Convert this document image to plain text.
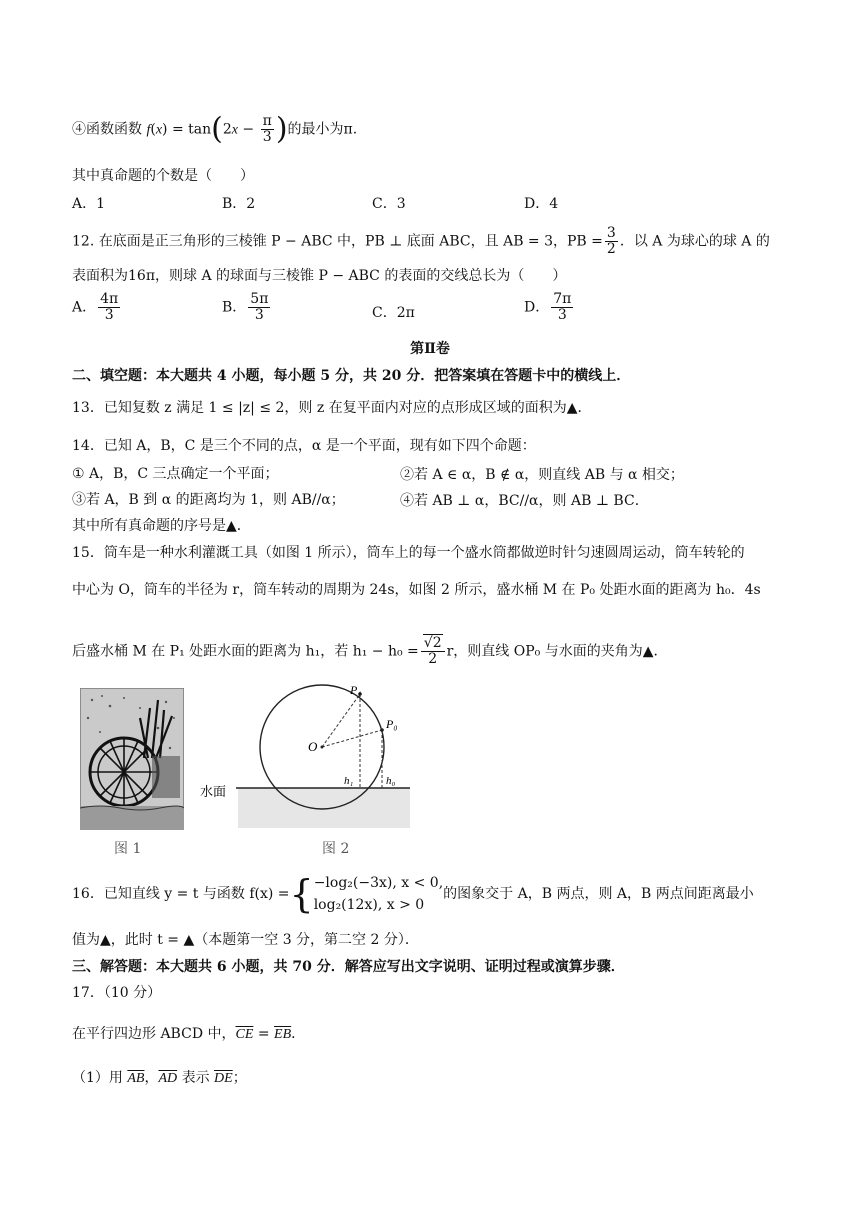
④函数函数 $f(x) = \tan(2x - \frac{\pi}{3}$ )的最小为π.
其中真命题的个数是（　　）
A．1	B．2	C．3	D．4
12. 在底面是正三角形的三棱锥 P − ABC 中，PB ⊥ 底面 ABC，且 AB = 3，PB = $\frac{3}{2}$ ．以 A 为球心的球 A 的
表面积为16π，则球 A 的球面与三棱锥 P − ABC 的表面的交线总长为（　　）
A． $\frac{4\pi}{3}$	B． $\frac{5\pi}{3}$	C．2π	D． $\frac{7\pi}{3}$
第Ⅱ卷
二、填空题：本大题共 4 小题，每小题 5 分，共 20 分．把答案填在答题卡中的横线上．
13．已知复数 z 满足 1 ≤ |z| ≤ 2，则 z 在复平面内对应的点形成区域的面积为▲．
14．已知 A，B，C 是三个不同的点，α 是一个平面，现有如下四个命题：
① A，B，C 三点确定一个平面；	②若 A ∈ α，B ∉ α，则直线 AB 与 α 相交；
③若 A，B 到 α 的距离均为 1，则 AB//α；	④若 AB ⊥ α，BC//α，则 AB ⊥ BC．
其中所有真命题的序号是▲．
15．筒车是一种水利灌溉工具（如图 1 所示），筒车上的每一个盛水筒都做逆时针匀速圆周运动，筒车转轮的
中心为 O，筒车的半径为 r，筒车转动的周期为 24s，如图 2 所示，盛水桶 M 在 P₀ 处距水面的距离为 h₀．4s
后盛水桶 M 在 P₁ 处距水面的距离为 h₁，若 $h_1 - h_0 = \frac{√2}{2}$ r，则直线 OP₀ 与水面的夹角为▲．
图 1
O
P₁
P₀
h₁	h₀
水面
图 2
16．已知直线 y = t 与函数 f(x) ={ −log₂(−3x), x < 0,
log₂(12x), x > 0
的图象交于 A，B 两点，则 A，B 两点间距离最小
值为▲，此时 t = ▲（本题第一空 3 分，第二空 2 分）．
三、解答题：本大题共 6 小题，共 70 分．解答应写出文字说明、证明过程或演算步骤．
17．（10 分）
在平行四边形 ABCD 中，$\overline{CE} = \overline{EB}$．
（1）用 $\overline{AB}$，$\overline{AD}$ 表示 $\overline{DE}$；
